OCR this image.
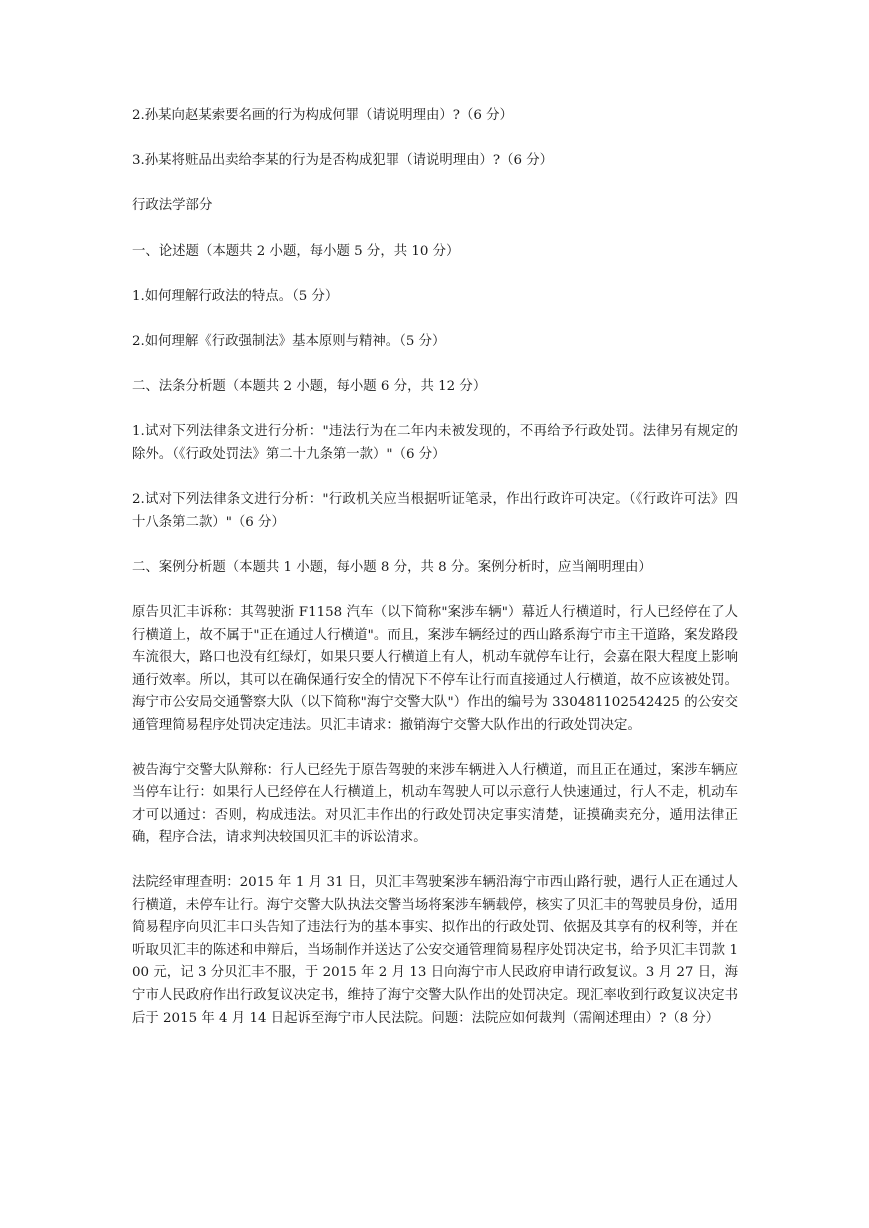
2.孙某向赵某索要名画的行为构成何罪（请说明理由）?（6 分）

3.孙某将赃品出卖给李某的行为是否构成犯罪（请说明理由）?（6 分）

行政法学部分

一、论述题（本题共 2 小题，每小题 5 分，共 10 分）

1.如何理解行政法的特点。（5 分）

2.如何理解《行政强制法》基本原则与精神。（5 分）

二、法条分析题（本题共 2 小题，每小题 6 分，共 12 分）

1.试对下列法律条文进行分析："违法行为在二年内未被发现的，不再给予行政处罚。法律另有规定的除外。（《行政处罚法》第二十九条第一款）"（6 分）

2.试对下列法律条文进行分析："行政机关应当根据听证笔录，作出行政许可决定。（《行政许可法》四十八条第二款）"（6 分）

二、案例分析题（本题共 1 小题，每小题 8 分，共 8 分。案例分析时，应当阐明理由）

原告贝汇丰诉称：其驾驶浙 F1158 汽车（以下简称"案涉车辆"）幕近人行横道时，行人已经停在了人行横道上，故不属于"正在通过人行横道"。而且，案涉车辆经过的西山路系海宁市主干道路，案发路段车流很大，路口也没有红绿灯，如果只要人行横道上有人，机动车就停车让行，会嘉在限大程度上影响通行效率。所以，其可以在确保通行安全的情况下不停车让行而直接通过人行横道，故不应该被处罚。海宁市公安局交通警察大队（以下简称"海宁交警大队"）作出的编号为 330481102542425 的公安交通管理简易程序处罚决定违法。贝汇丰请求：撤销海宁交警大队作出的行政处罚决定。

被告海宁交警大队辩称：行人已经先于原告驾驶的来涉车辆进入人行横道，而且正在通过，案涉车辆应当停车让行：如果行人已经停在人行横道上，机动车驾驶人可以示意行人快速通过，行人不走，机动车才可以通过：否则，构成违法。对贝汇丰作出的行政处罚决定事实清楚，证摸确卖充分，遁用法律正确，程序合法，请求判决较国贝汇丰的诉讼清求。

法院经审理查明：2015 年 1 月 31 日，贝汇丰驾驶案涉车辆沿海宁市西山路行驶，遇行人正在通过人行横道，未停车让行。海宁交警大队执法交警当场将案涉车辆载停，核实了贝汇丰的驾驶员身份，适用简易程序向贝汇丰口头告知了违法行为的基本事实、拟作出的行政处罚、依据及其享有的权利等，并在听取贝汇丰的陈述和申辩后，当场制作并送达了公安交通管理简易程序处罚决定书，给予贝汇丰罚款 100 元，记 3 分贝汇丰不服，于 2015 年 2 月 13 日向海宁市人民政府申请行政复议。3 月 27 日，海宁市人民政府作出行政复议决定书，维持了海宁交警大队作出的处罚决定。现汇率收到行政复议决定书后于 2015 年 4 月 14 日起诉至海宁市人民法院。问题：法院应如何裁判（需阐述理由）?（8 分）
